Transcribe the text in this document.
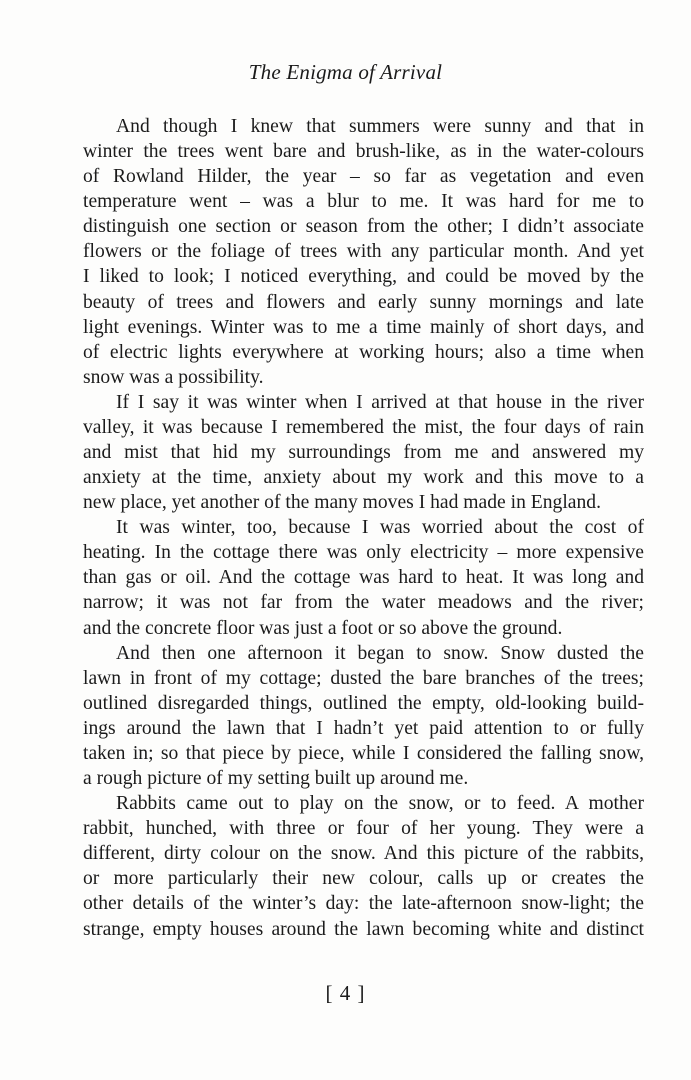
The Enigma of Arrival
And though I knew that summers were sunny and that in
winter the trees went bare and brush-like, as in the water-colours
of Rowland Hilder, the year – so far as vegetation and even
temperature went – was a blur to me. It was hard for me to
distinguish one section or season from the other; I didn’t associate
flowers or the foliage of trees with any particular month. And yet
I liked to look; I noticed everything, and could be moved by the
beauty of trees and flowers and early sunny mornings and late
light evenings. Winter was to me a time mainly of short days, and
of electric lights everywhere at working hours; also a time when
snow was a possibility.
If I say it was winter when I arrived at that house in the river
valley, it was because I remembered the mist, the four days of rain
and mist that hid my surroundings from me and answered my
anxiety at the time, anxiety about my work and this move to a
new place, yet another of the many moves I had made in England.
It was winter, too, because I was worried about the cost of
heating. In the cottage there was only electricity – more expensive
than gas or oil. And the cottage was hard to heat. It was long and
narrow; it was not far from the water meadows and the river;
and the concrete floor was just a foot or so above the ground.
And then one afternoon it began to snow. Snow dusted the
lawn in front of my cottage; dusted the bare branches of the trees;
outlined disregarded things, outlined the empty, old-looking build-
ings around the lawn that I hadn’t yet paid attention to or fully
taken in; so that piece by piece, while I considered the falling snow,
a rough picture of my setting built up around me.
Rabbits came out to play on the snow, or to feed. A mother
rabbit, hunched, with three or four of her young. They were a
different, dirty colour on the snow. And this picture of the rabbits,
or more particularly their new colour, calls up or creates the
other details of the winter’s day: the late-afternoon snow-light; the
strange, empty houses around the lawn becoming white and distinct
[ 4 ]
